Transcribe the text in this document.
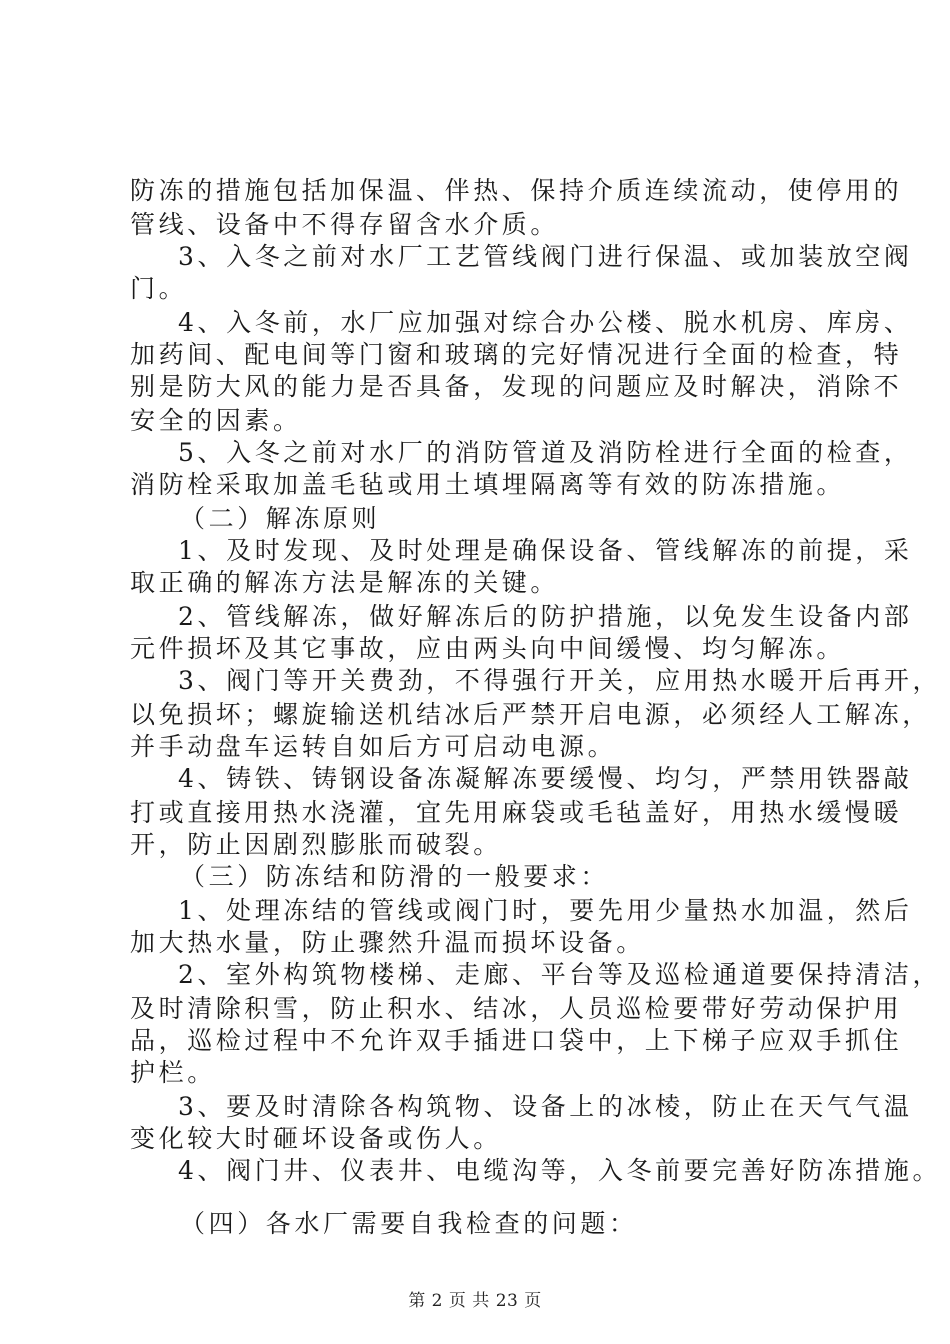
防冻的措施包括加保温、伴热、保持介质连续流动，使停用的
管线、设备中不得存留含水介质。
3、入冬之前对水厂工艺管线阀门进行保温、或加装放空阀
门。
4、入冬前，水厂应加强对综合办公楼、脱水机房、库房、
加药间、配电间等门窗和玻璃的完好情况进行全面的检查，特
别是防大风的能力是否具备，发现的问题应及时解决，消除不
安全的因素。
5、入冬之前对水厂的消防管道及消防栓进行全面的检查，
消防栓采取加盖毛毡或用土填埋隔离等有效的防冻措施。
（二）解冻原则
1、及时发现、及时处理是确保设备、管线解冻的前提，采
取正确的解冻方法是解冻的关键。
2、管线解冻，做好解冻后的防护措施，以免发生设备内部
元件损坏及其它事故，应由两头向中间缓慢、均匀解冻。
3、阀门等开关费劲，不得强行开关，应用热水暖开后再开，
以免损坏；螺旋输送机结冰后严禁开启电源，必须经人工解冻，
并手动盘车运转自如后方可启动电源。
4、铸铁、铸钢设备冻凝解冻要缓慢、均匀，严禁用铁器敲
打或直接用热水浇灌，宜先用麻袋或毛毡盖好，用热水缓慢暖
开，防止因剧烈膨胀而破裂。
（三）防冻结和防滑的一般要求：
1、处理冻结的管线或阀门时，要先用少量热水加温，然后
加大热水量，防止骤然升温而损坏设备。
2、室外构筑物楼梯、走廊、平台等及巡检通道要保持清洁，
及时清除积雪，防止积水、结冰，人员巡检要带好劳动保护用
品，巡检过程中不允许双手插进口袋中，上下梯子应双手抓住
护栏。
3、要及时清除各构筑物、设备上的冰棱，防止在天气气温
变化较大时砸坏设备或伤人。
4、阀门井、仪表井、电缆沟等，入冬前要完善好防冻措施。
（四）各水厂需要自我检查的问题：
第 2 页 共 23 页
